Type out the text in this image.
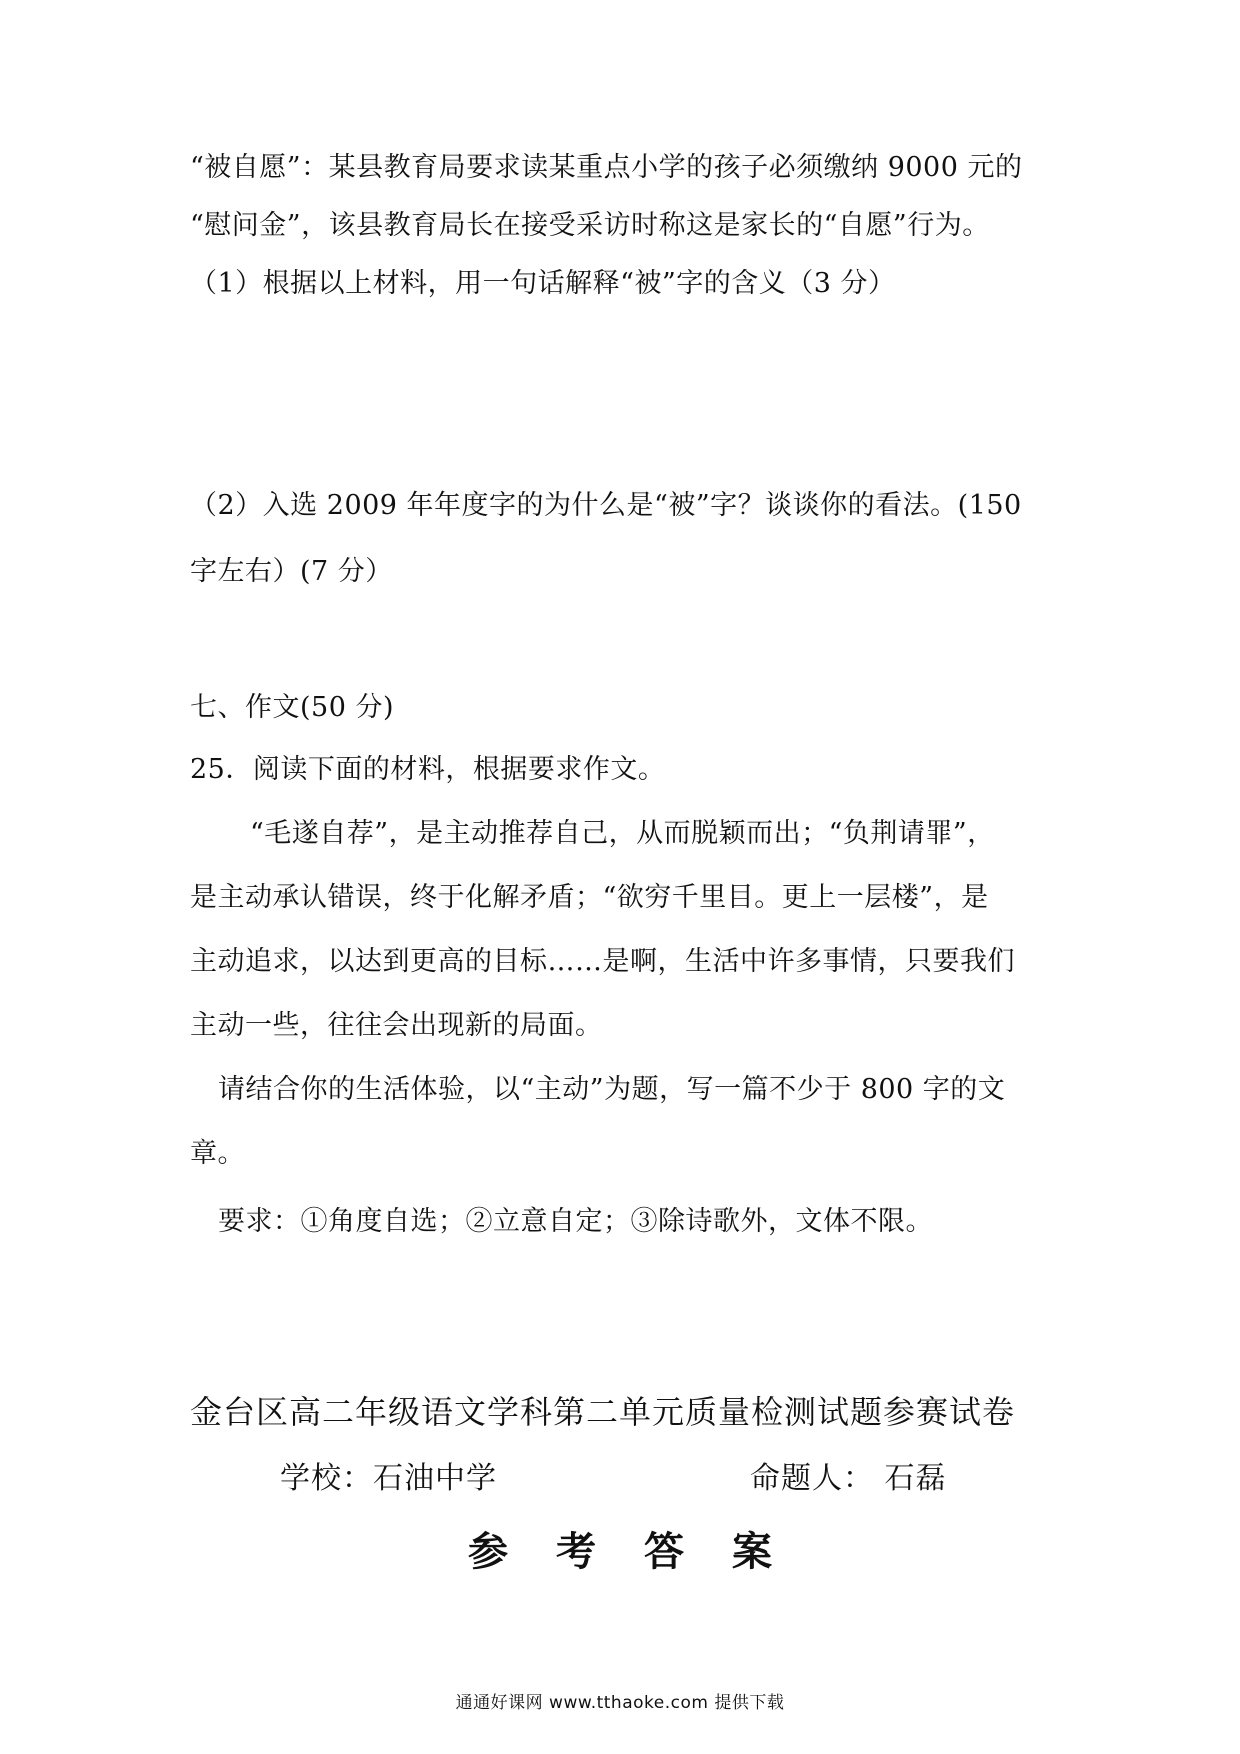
“被自愿”：某县教育局要求读某重点小学的孩子必须缴纳 9000 元的
“慰问金”，该县教育局长在接受采访时称这是家长的“自愿”行为。
（1）根据以上材料，用一句话解释“被”字的含义（3 分）
（2）入选 2009 年年度字的为什么是“被”字？谈谈你的看法。(150
字左右）(7 分）
七、作文(50 分)
25．阅读下面的材料，根据要求作文。
“毛遂自荐”，是主动推荐自己，从而脱颖而出；“负荆请罪”，
是主动承认错误，终于化解矛盾；“欲穷千里目。更上一层楼”，是
主动追求，以达到更高的目标……是啊，生活中许多事情，只要我们
主动一些，往往会出现新的局面。
请结合你的生活体验，以“主动”为题，写一篇不少于 800 字的文
章。
要求：①角度自选；②立意自定；③除诗歌外，文体不限。
金台区高二年级语文学科第二单元质量检测试题参赛试卷
学校：石油中学	命题人： 石磊
参 考 答 案
通通好课网 www.tthaoke.com 提供下载
